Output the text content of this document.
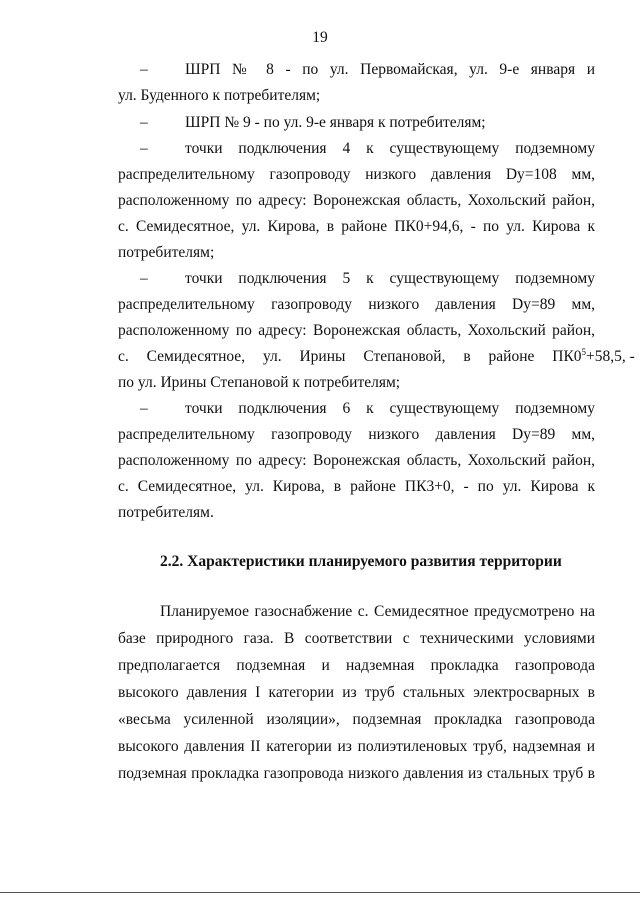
19
– ШРП № 8 - по ул. Первомайская, ул. 9-е января и
ул. Буденного к потребителям;
– ШРП № 9 - по ул. 9-е января к потребителям;
– точки подключения 4 к существующему подземному
распределительному газопроводу низкого давления Dy=108 мм,
расположенному по адресу: Воронежская область, Хохольский район,
с. Семидесятное, ул. Кирова, в районе ПК0+94,6, - по ул. Кирова к
потребителям;
– точки подключения 5 к существующему подземному
распределительному газопроводу низкого давления Dy=89 мм,
расположенному по адресу: Воронежская область, Хохольский район,
с. Семидесятное, ул. Ирины Степановой, в районе ПК0 $^5$+58,5, -
по ул. Ирины Степановой к потребителям;
– точки подключения 6 к существующему подземному
распределительному газопроводу низкого давления Dy=89 мм,
расположенному по адресу: Воронежская область, Хохольский район,
с. Семидесятное, ул. Кирова, в районе ПК3+0, - по ул. Кирова к
потребителям.
2.2. Характеристики планируемого развития территории
Планируемое газоснабжение с. Семидесятное предусмотрено на
базе природного газа. В соответствии с техническими условиями
предполагается подземная и надземная прокладка газопровода
высокого давления I категории из труб стальных электросварных в
«весьма усиленной изоляции», подземная прокладка газопровода
высокого давления II категории из полиэтиленовых труб, надземная и
подземная прокладка газопровода низкого давления из стальных труб в
